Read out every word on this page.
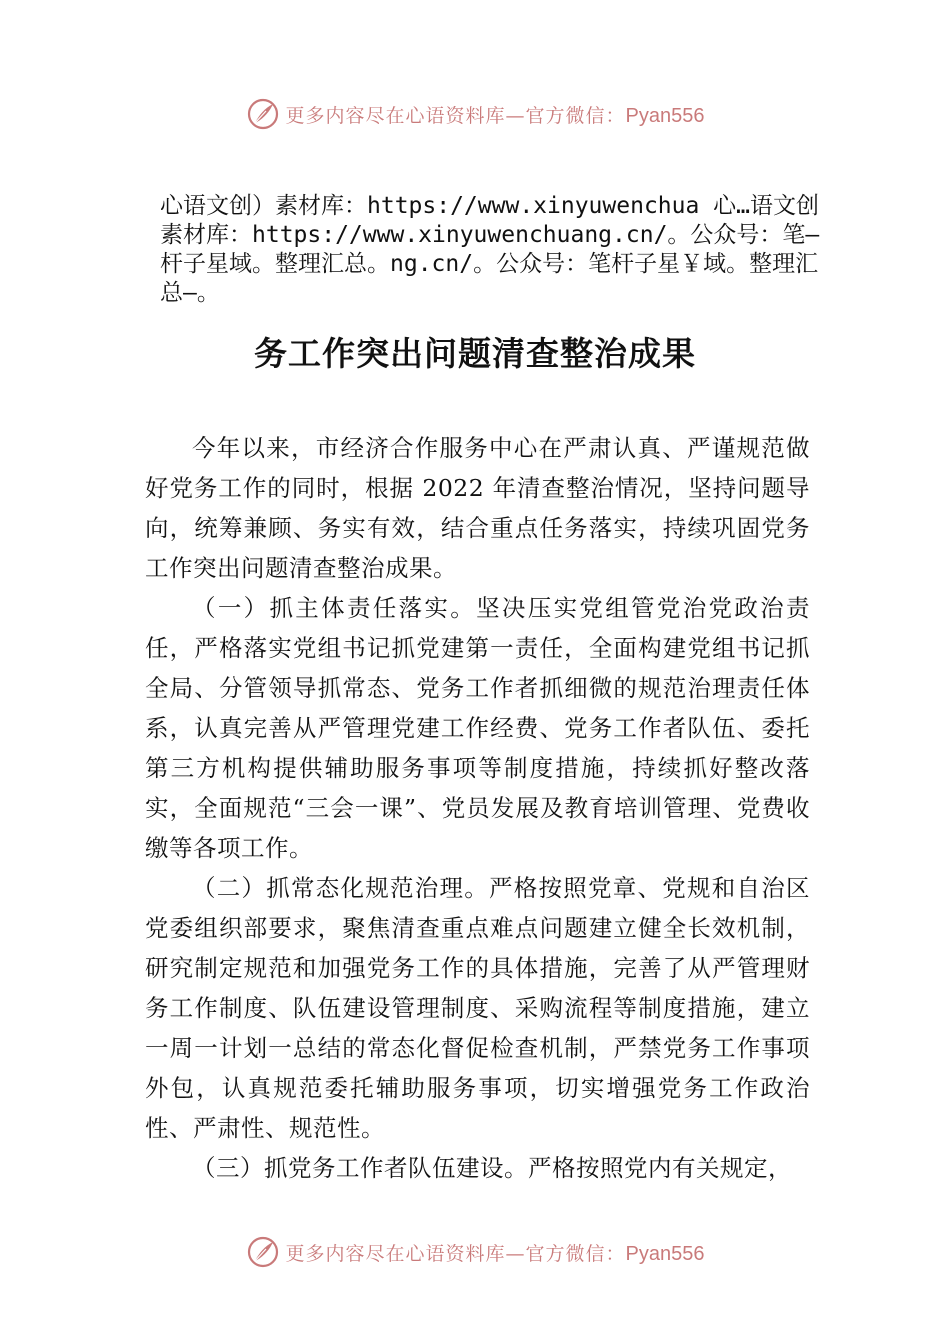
更多内容尽在心语资料库—官方微信：Pyan556

心语文创）素材库：https://www.xinyuwenchua 心…语文创素材库：https://www.xinyuwenchuang.cn/。公众号：笔—杆子星域。整理汇总。ng.cn/。公众号：笔杆子星￥域。整理汇总—。

务工作突出问题清查整治成果

今年以来，市经济合作服务中心在严肃认真、严谨规范做好党务工作的同时，根据 2022 年清查整治情况，坚持问题导向，统筹兼顾、务实有效，结合重点任务落实，持续巩固党务工作突出问题清查整治成果。

（一）抓主体责任落实。坚决压实党组管党治党政治责任，严格落实党组书记抓党建第一责任，全面构建党组书记抓全局、分管领导抓常态、党务工作者抓细微的规范治理责任体系，认真完善从严管理党建工作经费、党务工作者队伍、委托第三方机构提供辅助服务事项等制度措施，持续抓好整改落实，全面规范“三会一课”、党员发展及教育培训管理、党费收缴等各项工作。

（二）抓常态化规范治理。严格按照党章、党规和自治区党委组织部要求，聚焦清查重点难点问题建立健全长效机制，研究制定规范和加强党务工作的具体措施，完善了从严管理财务工作制度、队伍建设管理制度、采购流程等制度措施，建立一周一计划一总结的常态化督促检查机制，严禁党务工作事项外包，认真规范委托辅助服务事项，切实增强党务工作政治性、严肃性、规范性。

（三）抓党务工作者队伍建设。严格按照党内有关规定，

更多内容尽在心语资料库—官方微信：Pyan556
